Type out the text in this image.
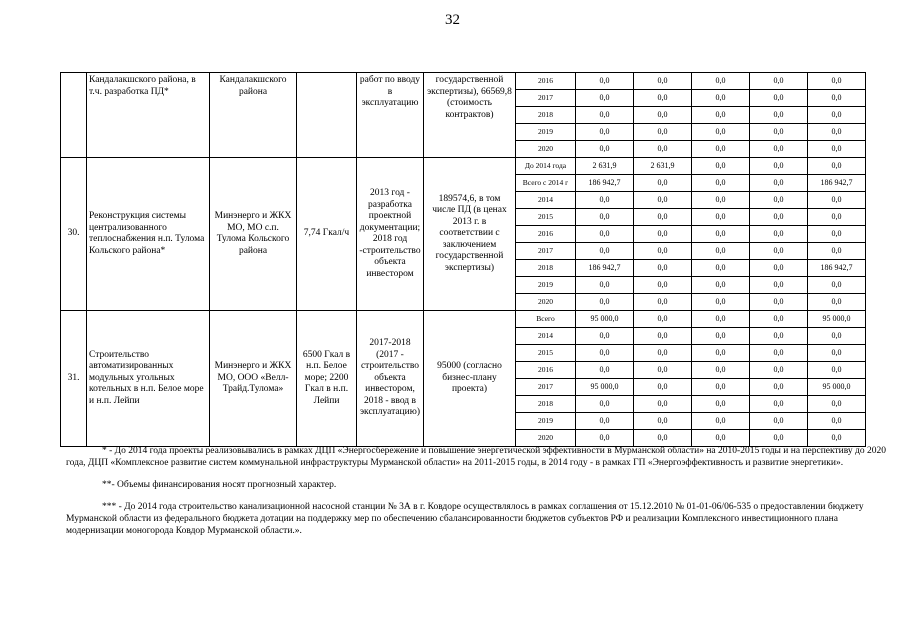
32
	Кандалакшского района, в т.ч. разработка ПД*	Кандалакшского района		работ по вводу в эксплуатацию	государственной экспертизы), 66569,8 (стоимость контрактов)	2016	0,0	0,0	0,0	0,0	0,0
						2017	0,0	0,0	0,0	0,0	0,0
						2018	0,0	0,0	0,0	0,0	0,0
						2019	0,0	0,0	0,0	0,0	0,0
						2020	0,0	0,0	0,0	0,0	0,0
30.	Реконструкция системы централизованного теплоснабжения н.п. Тулома Кольского района*	Минэнерго и ЖКХ МО, МО с.п. Тулома Кольского района	7,74 Гкал/ч	2013 год - разработка проектной документации; 2018 год -строительство объекта инвестором	189574,6, в том числе ПД (в ценах 2013 г. в соответствии с заключением государственной экспертизы)	До 2014 года	2 631,9	2 631,9	0,0	0,0	0,0
						Всего с 2014 г	186 942,7	0,0	0,0	0,0	186 942,7
						2014	0,0	0,0	0,0	0,0	0,0
						2015	0,0	0,0	0,0	0,0	0,0
						2016	0,0	0,0	0,0	0,0	0,0
						2017	0,0	0,0	0,0	0,0	0,0
						2018	186 942,7	0,0	0,0	0,0	186 942,7
						2019	0,0	0,0	0,0	0,0	0,0
						2020	0,0	0,0	0,0	0,0	0,0
31.	Строительство автоматизированных модульных угольных котельных в н.п. Белое море и н.п. Лейпи	Минэнерго и ЖКХ МО, ООО «Велл-Трайд.Тулома»	6500 Гкал в н.п. Белое море; 2200 Гкал в н.п. Лейпи	2017-2018 (2017 - строительство объекта инвестором, 2018 - ввод в эксплуатацию)	95000 (согласно бизнес-плану проекта)	Всего	95 000,0	0,0	0,0	0,0	95 000,0
						2014	0,0	0,0	0,0	0,0	0,0
						2015	0,0	0,0	0,0	0,0	0,0
						2016	0,0	0,0	0,0	0,0	0,0
						2017	95 000,0	0,0	0,0	0,0	95 000,0
						2018	0,0	0,0	0,0	0,0	0,0
						2019	0,0	0,0	0,0	0,0	0,0
						2020	0,0	0,0	0,0	0,0	0,0

* - До 2014 года проекты реализовывались в рамках ДЦП «Энергосбережение и повышение энергетической эффективности в Мурманской области» на 2010-2015 годы и на перспективу до 2020 года, ДЦП «Комплексное развитие систем коммунальной инфраструктуры Мурманской области» на 2011-2015 годы, в 2014 году - в рамках ГП «Энергоэффективность и развитие энергетики».

**- Объемы финансирования носят прогнозный характер.

*** - До 2014 года строительство канализационной насосной станции № 3А в г. Ковдоре осуществлялось в рамках соглашения от 15.12.2010 № 01-01-06/06-535 о предоставлении бюджету Мурманской области из федерального бюджета дотации на поддержку мер по обеспечению сбалансированности бюджетов субъектов РФ и реализации Комплексного инвестиционного плана модернизации моногорода Ковдор Мурманской области.».
